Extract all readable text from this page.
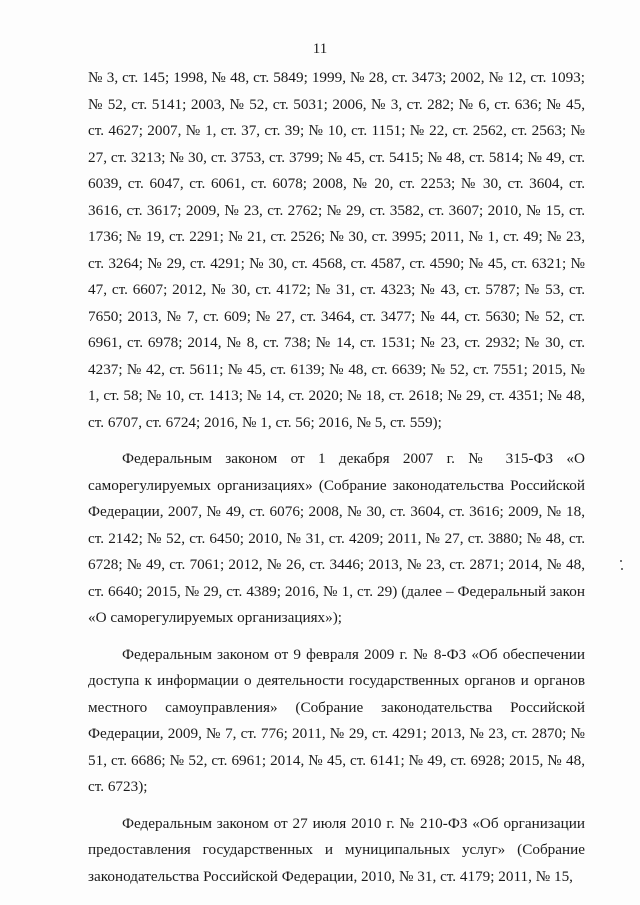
11

№ 3, ст. 145; 1998, № 48, ст. 5849; 1999, № 28, ст. 3473; 2002, № 12, ст. 1093; № 52, ст. 5141; 2003, № 52, ст. 5031; 2006, № 3, ст. 282; № 6, ст. 636; № 45, ст. 4627; 2007, № 1, ст. 37, ст. 39; № 10, ст. 1151; № 22, ст. 2562, ст. 2563; № 27, ст. 3213; № 30, ст. 3753, ст. 3799; № 45, ст. 5415; № 48, ст. 5814; № 49, ст. 6039, ст. 6047, ст. 6061, ст. 6078; 2008, № 20, ст. 2253; № 30, ст. 3604, ст. 3616, ст. 3617; 2009, № 23, ст. 2762; № 29, ст. 3582, ст. 3607; 2010, № 15, ст. 1736; № 19, ст. 2291; № 21, ст. 2526; № 30, ст. 3995; 2011, № 1, ст. 49; № 23, ст. 3264; № 29, ст. 4291; № 30, ст. 4568, ст. 4587, ст. 4590; № 45, ст. 6321; № 47, ст. 6607; 2012, № 30, ст. 4172; № 31, ст. 4323; № 43, ст. 5787; № 53, ст. 7650; 2013, № 7, ст. 609; № 27, ст. 3464, ст. 3477; № 44, ст. 5630; № 52, ст. 6961, ст. 6978; 2014, № 8, ст. 738; № 14, ст. 1531; № 23, ст. 2932; № 30, ст. 4237; № 42, ст. 5611; № 45, ст. 6139; № 48, ст. 6639; № 52, ст. 7551; 2015, № 1, ст. 58; № 10, ст. 1413; № 14, ст. 2020; № 18, ст. 2618; № 29, ст. 4351; № 48, ст. 6707, ст. 6724; 2016, № 1, ст. 56; 2016, № 5, ст. 559);

Федеральным законом от 1 декабря 2007 г. № 315-ФЗ «О саморегулируемых организациях» (Собрание законодательства Российской Федерации, 2007, № 49, ст. 6076; 2008, № 30, ст. 3604, ст. 3616; 2009, № 18, ст. 2142; № 52, ст. 6450; 2010, № 31, ст. 4209; 2011, № 27, ст. 3880; № 48, ст. 6728; № 49, ст. 7061; 2012, № 26, ст. 3446; 2013, № 23, ст. 2871; 2014, № 48, ст. 6640; 2015, № 29, ст. 4389; 2016, № 1, ст. 29) (далее – Федеральный закон «О саморегулируемых организациях»);

Федеральным законом от 9 февраля 2009 г. № 8-ФЗ «Об обеспечении доступа к информации о деятельности государственных органов и органов местного самоуправления» (Собрание законодательства Российской Федерации, 2009, № 7, ст. 776; 2011, № 29, ст. 4291; 2013, № 23, ст. 2870; № 51, ст. 6686; № 52, ст. 6961; 2014, № 45, ст. 6141; № 49, ст. 6928; 2015, № 48, ст. 6723);

Федеральным законом от 27 июля 2010 г. № 210-ФЗ «Об организации предоставления государственных и муниципальных услуг» (Собрание законодательства Российской Федерации, 2010, № 31, ст. 4179; 2011, № 15,
